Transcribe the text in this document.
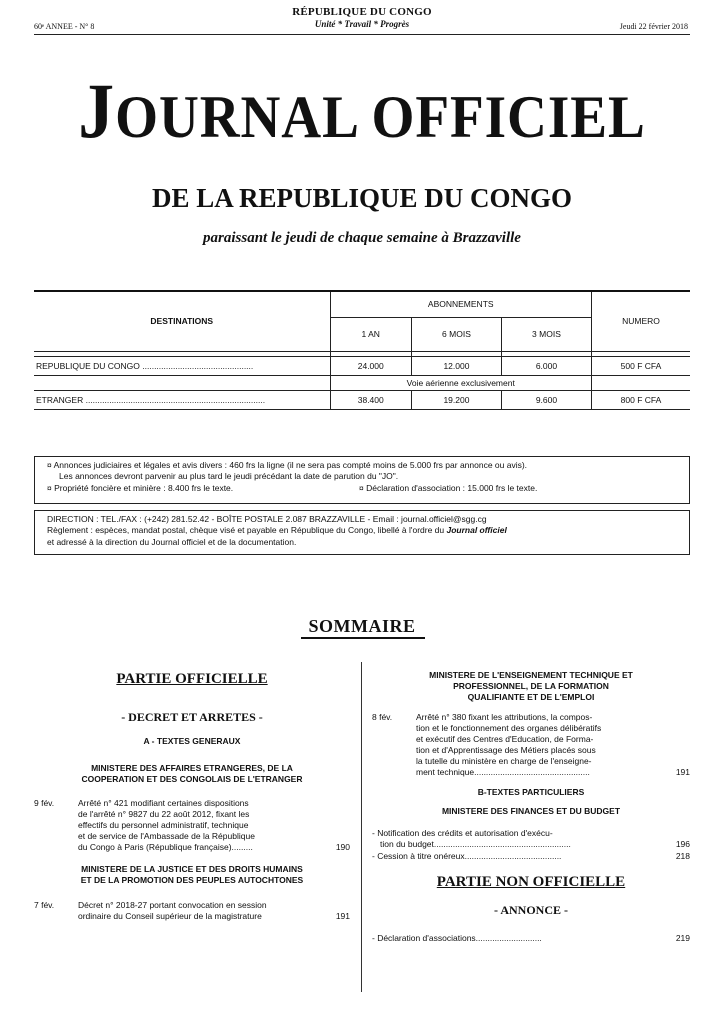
60ᵉ ANNEE - N° 8
RÉPUBLIQUE DU CONGO
Unité * Travail * Progrès	Jeudi 22 février 2018
JOURNAL OFFICIEL
DE LA REPUBLIQUE DU CONGO
paraissant le jeudi de chaque semaine à Brazzaville
DESTINATIONS	ABONNEMENTS			NUMERO
	1 AN	6 MOIS	3 MOIS	

REPUBLIQUE DU CONGO ...............................................	24.000	12.000	6.000	500 F CFA
	Voie aérienne exclusivement			
ETRANGER ............................................................................	38.400	19.200	9.600	800 F CFA
¤ Annonces judiciaires et légales et avis divers : 460 frs la ligne (il ne sera pas compté moins de 5.000 frs par annonce ou avis).
Les annonces devront parvenir au plus tard le jeudi précédant la date de parution du "JO".
¤ Propriété foncière et minière : 8.400 frs le texte.	¤ Déclaration d'association : 15.000 frs le texte.
DIRECTION : TEL./FAX : (+242) 281.52.42 - BOÎTE POSTALE 2.087 BRAZZAVILLE - Email : journal.officiel@sgg.cg
Règlement : espèces, mandat postal, chèque visé et payable en République du Congo, libellé à l'ordre du Journal officiel
et adressé à la direction du Journal officiel et de la documentation.
SOMMAIRE
PARTIE OFFICIELLE
- DECRET ET ARRETES -
A - TEXTES GENERAUX
MINISTERE DES AFFAIRES ETRANGERES, DE LA
COOPERATION ET DES CONGOLAIS DE L'ETRANGER
9 fév.	Arrêté n° 421 modifiant certaines dispositions
de l'arrêté n° 9827 du 22 août 2012, fixant les
effectifs du personnel administratif, technique
et de service de l'Ambassade de la République
du Congo à Paris (République française).........	190
MINISTERE DE LA JUSTICE ET DES DROITS HUMAINS
ET DE LA PROMOTION DES PEUPLES AUTOCHTONES
7 fév.	Décret n° 2018-27 portant convocation en session
ordinaire du Conseil supérieur de la magistrature	191
MINISTERE DE L'ENSEIGNEMENT TECHNIQUE ET
PROFESSIONNEL, DE LA FORMATION
QUALIFIANTE ET DE L'EMPLOI
8 fév.	Arrêté n° 380 fixant les attributions, la compos-
tion et le fonctionnement des organes délibératifs
et exécutif des Centres d'Education, de Forma-
tion et d'Apprentissage des Métiers placés sous
la tutelle du ministère en charge de l'enseigne-
ment technique.................................................	191
B-TEXTES PARTICULIERS
MINISTERE DES FINANCES ET DU BUDGET
- Notification des crédits et autorisation d'exécu-
tion du budget..........................................................	196
- Cession à titre onéreux.........................................	218
PARTIE NON OFFICIELLE
- ANNONCE -
- Déclaration d'associations............................	219
